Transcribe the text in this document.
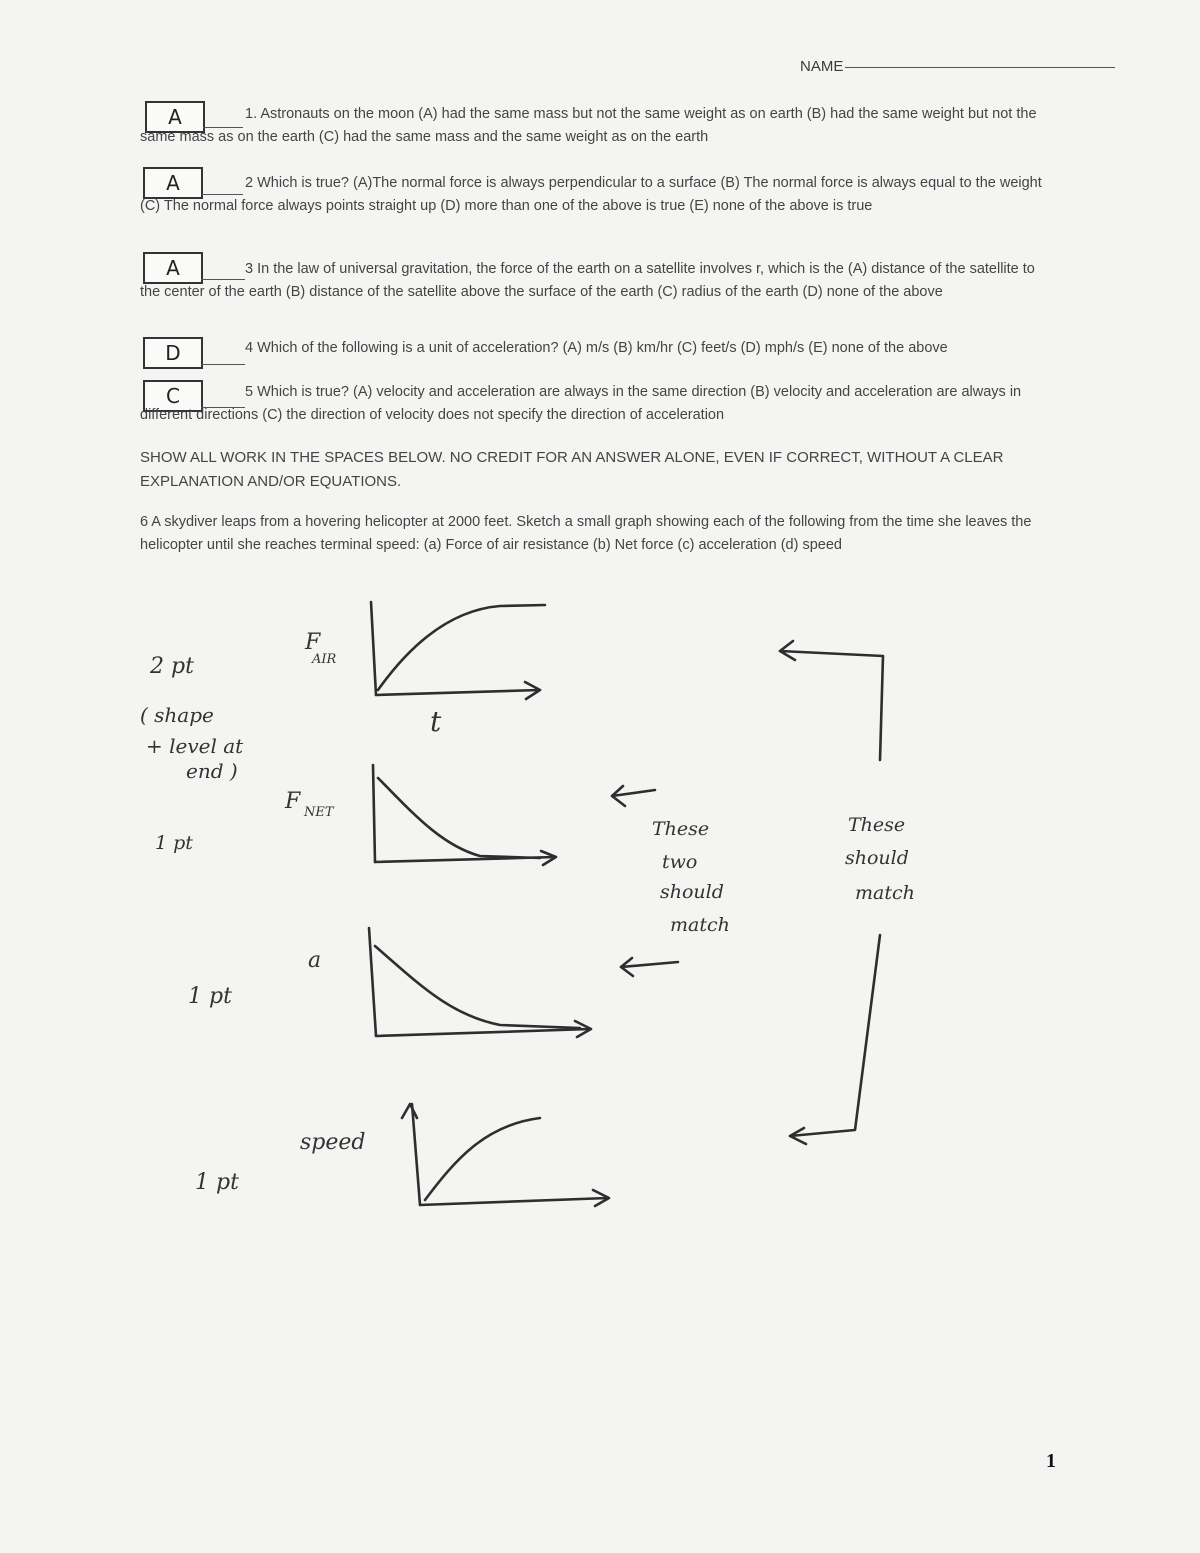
NAME
A	1. Astronauts on the moon (A) had the same mass but not the same weight as on earth (B) had the same weight but not the same mass as on the earth (C) had the same mass and the same weight as on the earth
A	2 Which is true? (A)The normal force is always perpendicular to a surface (B) The normal force is always equal to the weight (C) The normal force always points straight up (D) more than one of the above is true (E) none of the above is true
A	3 In the law of universal gravitation, the force of the earth on a satellite involves r, which is the (A) distance of the satellite to the center of the earth (B) distance of the satellite above the surface of the earth (C) radius of the earth (D) none of the above
D	4 Which of the following is a unit of acceleration? (A) m/s (B) km/hr (C) feet/s (D) mph/s (E) none of the above
C	5 Which is true? (A) velocity and acceleration are always in the same direction (B) velocity and acceleration are always in different directions (C) the direction of velocity does not specify the direction of acceleration
SHOW ALL WORK IN THE SPACES BELOW. NO CREDIT FOR AN ANSWER ALONE, EVEN IF CORRECT, WITHOUT A CLEAR EXPLANATION AND/OR EQUATIONS.
6 A skydiver leaps from a hovering helicopter at 2000 feet. Sketch a small graph showing each of the following from the time she leaves the helicopter until she reaches terminal speed: (a) Force of air resistance (b) Net force (c) acceleration (d) speed
2 pt
( shape
+ level at
end )
1 pt
1 pt
1 pt
F
AIR
t
F NET
a
speed
These
two
should
match
These
should
match
1
